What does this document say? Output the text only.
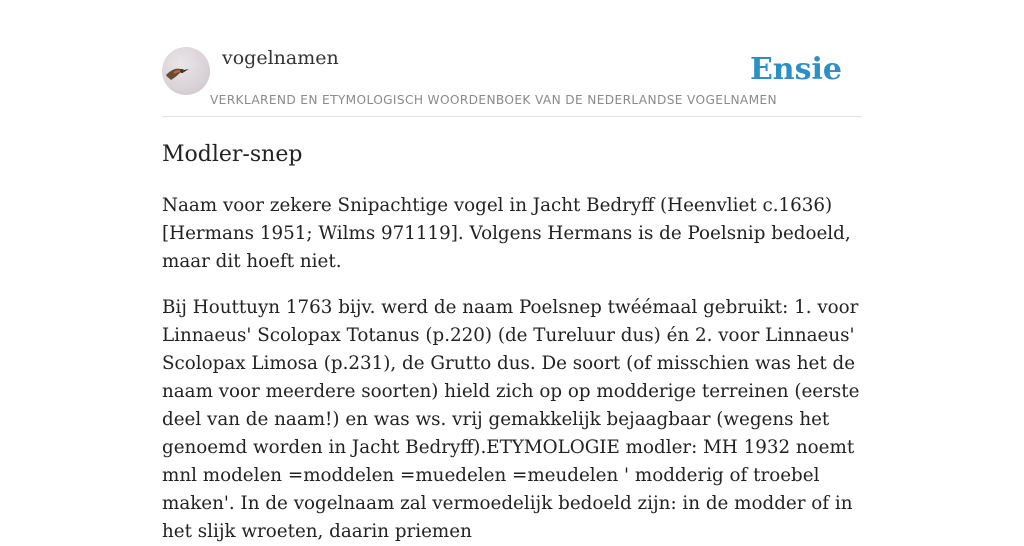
vogelnamen
VERKLAREND EN ETYMOLOGISCH WOORDENBOEK VAN DE NEDERLANDSE VOGELNAMEN
Ensie
Modler-snep

Naam voor zekere Snipachtige vogel in Jacht Bedryff (Heenvliet c.1636) [Hermans 1951; Wilms 971119]. Volgens Hermans is de Poelsnip bedoeld, maar dit hoeft niet.

Bij Houttuyn 1763 bijv. werd de naam Poelsnep twéémaal gebruikt: 1. voor Linnaeus' Scolopax Totanus (p.220) (de Tureluur dus) én 2. voor Linnaeus' Scolopax Limosa (p.231), de Grutto dus. De soort (of misschien was het de naam voor meerdere soorten) hield zich op op modderige terreinen (eerste deel van de naam!) en was ws. vrij gemakkelijk bejaagbaar (wegens het genoemd worden in Jacht Bedryff).ETYMOLOGIE modler: MH 1932 noemt mnl modelen =moddelen =muedelen =meudelen ' modderig of troebel maken'. In de vogelnaam zal vermoedelijk bedoeld zijn: in de modder of in het slijk wroeten, daarin priemen
